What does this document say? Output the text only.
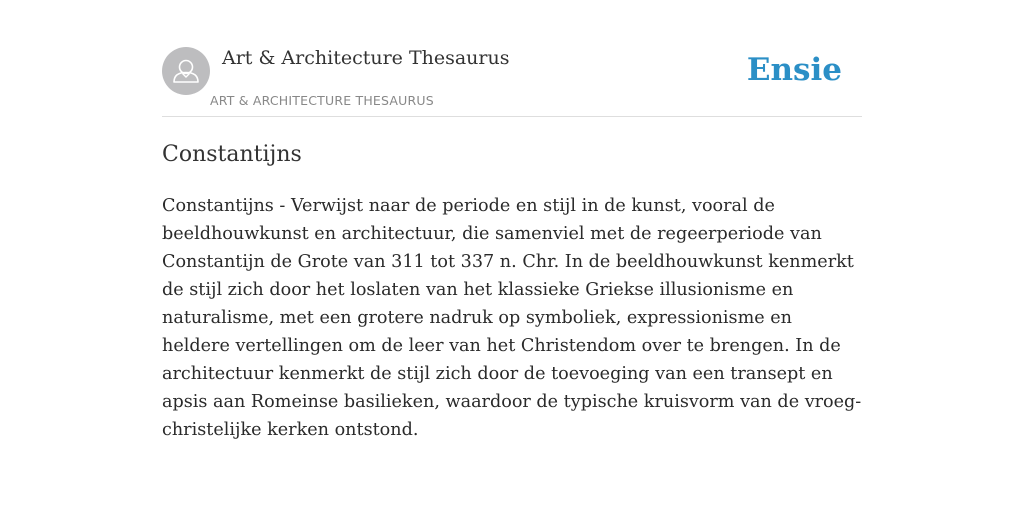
Art & Architecture Thesaurus
ART & ARCHITECTURE THESAURUS
Ensie
Constantijns

Constantijns - Verwijst naar de periode en stijl in de kunst, vooral de beeldhouwkunst en architectuur, die samenviel met de regeerperiode van Constantijn de Grote van 311 tot 337 n. Chr. In de beeldhouwkunst kenmerkt de stijl zich door het loslaten van het klassieke Griekse illusionisme en naturalisme, met een grotere nadruk op symboliek, expressionisme en heldere vertellingen om de leer van het Christendom over te brengen. In de architectuur kenmerkt de stijl zich door de toevoeging van een transept en apsis aan Romeinse basilieken, waardoor de typische kruisvorm van de vroeg-christelijke kerken ontstond.
